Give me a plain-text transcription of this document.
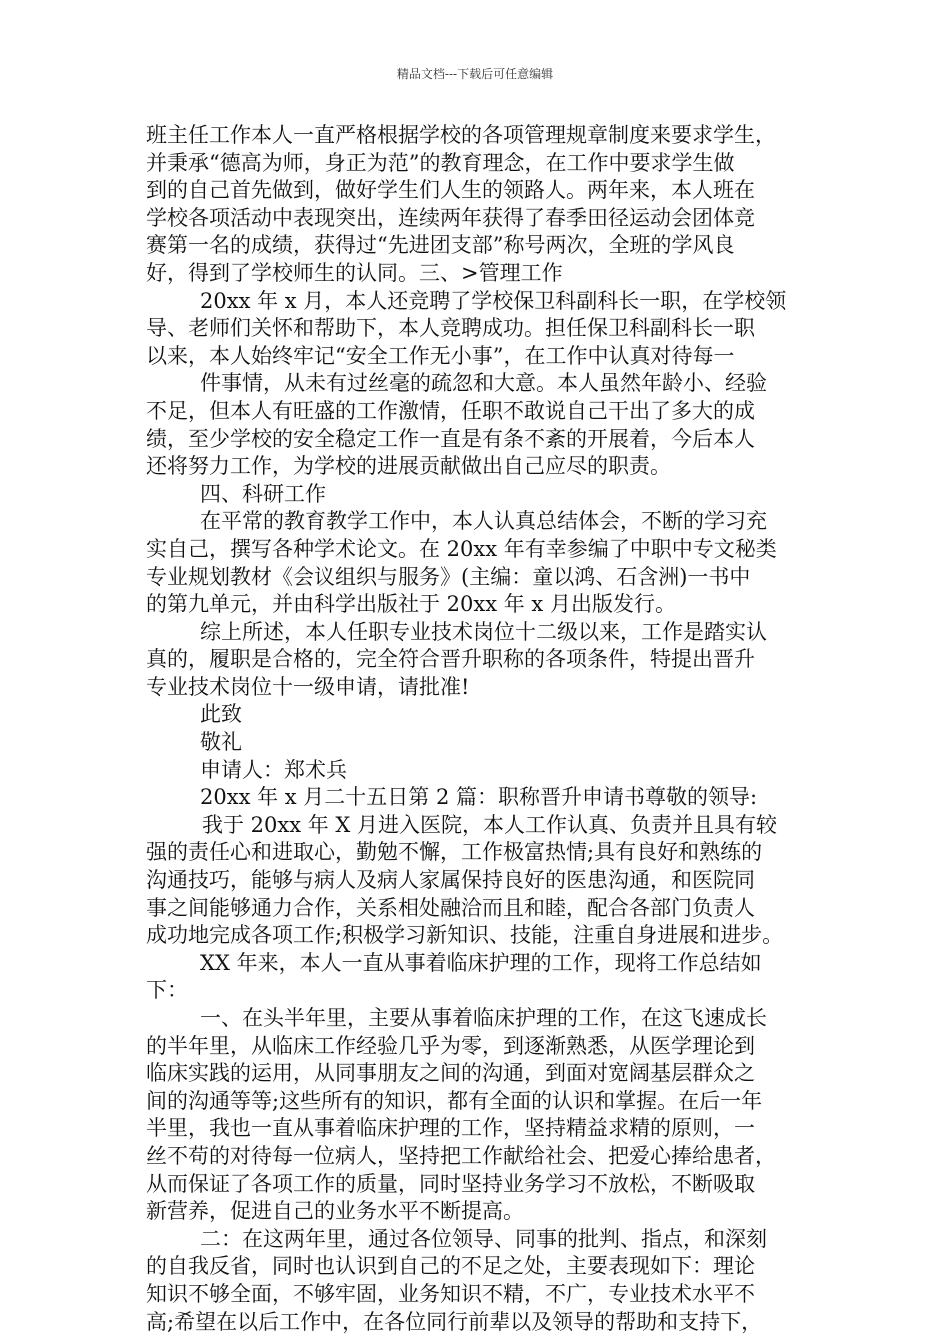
精品文档---下载后可任意编辑
班主任工作本人一直严格根据学校的各项管理规章制度来要求学生，
并秉承“德高为师，身正为范”的教育理念，在工作中要求学生做
到的自己首先做到，做好学生们人生的领路人。两年来，本人班在
学校各项活动中表现突出，连续两年获得了春季田径运动会团体竞
赛第一名的成绩，获得过“先进团支部”称号两次，全班的学风良
好，得到了学校师生的认同。三、>管理工作
20xx 年 x 月，本人还竞聘了学校保卫科副科长一职，在学校领
导、老师们关怀和帮助下，本人竞聘成功。担任保卫科副科长一职
以来，本人始终牢记“安全工作无小事”，在工作中认真对待每一
件事情，从未有过丝毫的疏忽和大意。本人虽然年龄小、经验
不足，但本人有旺盛的工作激情，任职不敢说自己干出了多大的成
绩，至少学校的安全稳定工作一直是有条不紊的开展着，今后本人
还将努力工作，为学校的进展贡献做出自己应尽的职责。
四、科研工作
在平常的教育教学工作中，本人认真总结体会，不断的学习充
实自己，撰写各种学术论文。在 20xx 年有幸参编了中职中专文秘类
专业规划教材《会议组织与服务》(主编：童以鸿、石含洲)一书中
的第九单元，并由科学出版社于 20xx 年 x 月出版发行。
综上所述，本人任职专业技术岗位十二级以来，工作是踏实认
真的，履职是合格的，完全符合晋升职称的各项条件，特提出晋升
专业技术岗位十一级申请，请批准!
此致
敬礼
申请人：郑术兵
20xx 年 x 月二十五日第 2 篇：职称晋升申请书尊敬的领导:
我于 20xx 年 X 月进入医院，本人工作认真、负责并且具有较
强的责任心和进取心，勤勉不懈，工作极富热情;具有良好和熟练的
沟通技巧，能够与病人及病人家属保持良好的医患沟通，和医院同
事之间能够通力合作，关系相处融洽而且和睦，配合各部门负责人
成功地完成各项工作;积极学习新知识、技能，注重自身进展和进步。
XX 年来，本人一直从事着临床护理的工作，现将工作总结如
下：
一、在头半年里，主要从事着临床护理的工作，在这飞速成长
的半年里，从临床工作经验几乎为零，到逐渐熟悉，从医学理论到
临床实践的运用，从同事朋友之间的沟通，到面对宽阔基层群众之
间的沟通等等;这些所有的知识，都有全面的认识和掌握。在后一年
半里，我也一直从事着临床护理的工作，坚持精益求精的原则，一
丝不苟的对待每一位病人，坚持把工作献给社会、把爱心捧给患者，
从而保证了各项工作的质量，同时坚持业务学习不放松，不断吸取
新营养，促进自己的业务水平不断提高。
二：在这两年里，通过各位领导、同事的批判、指点，和深刻
的自我反省，同时也认识到自己的不足之处，主要表现如下：理论
知识不够全面，不够牢固，业务知识不精，不广，专业技术水平不
高;希望在以后工作中，在各位同行前辈以及领导的帮助和支持下，
